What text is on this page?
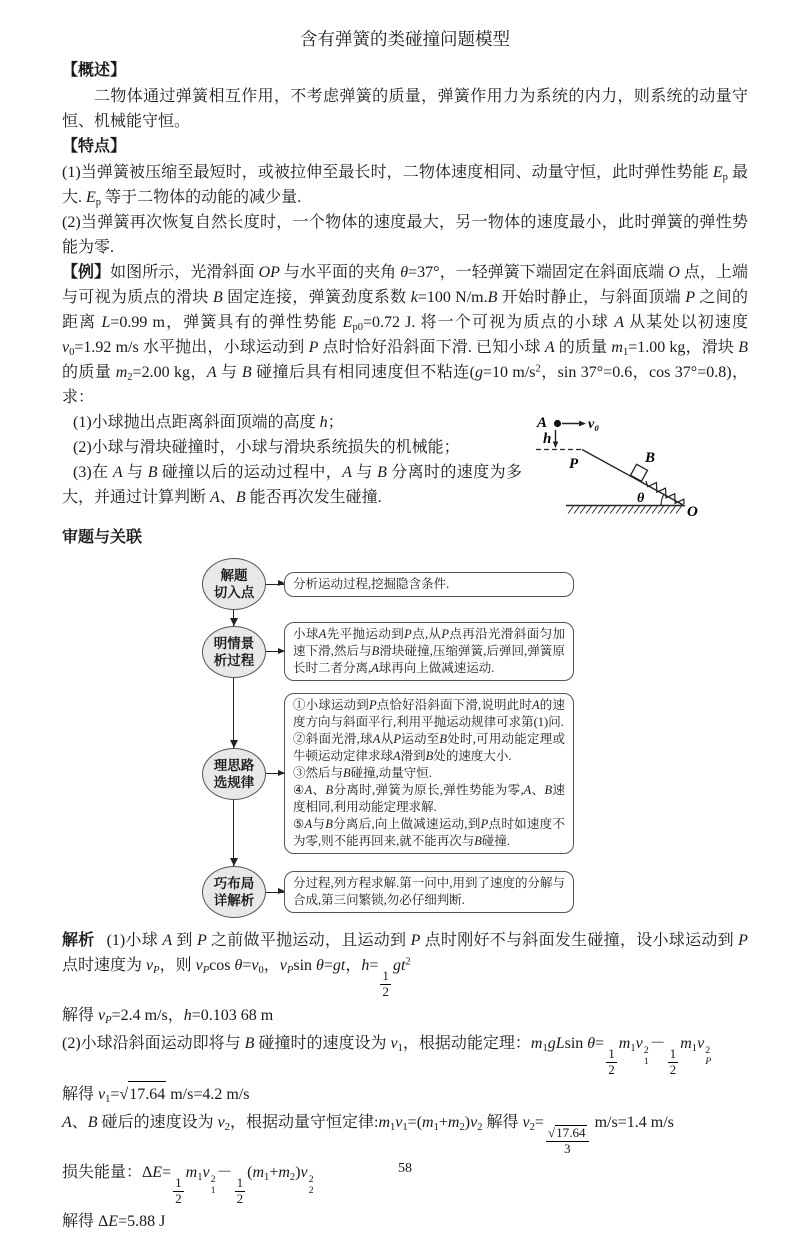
含有弹簧的类碰撞问题模型
【概述】

二物体通过弹簧相互作用，不考虑弹簧的质量，弹簧作用力为系统的内力，则系统的动量守恒、机械能守恒。

【特点】

(1)当弹簧被压缩至最短时，或被拉伸至最长时，二物体速度相同、动量守恒，此时弹性势能 $E_p$ 最大. $E_p$ 等于二物体的动能的减少量.

(2)当弹簧再次恢复自然长度时，一个物体的速度最大，另一物体的速度最小，此时弹簧的弹性势能为零.

【例】如图所示，光滑斜面 OP 与水平面的夹角 θ=37°，一轻弹簧下端固定在斜面底端 O 点，上端与可视为质点的滑块 B 固定连接，弹簧劲度系数 k=100 N/m.B 开始时静止，与斜面顶端 P 之间的距离 L=0.99 m，弹簧具有的弹性势能 $E_{p0}=0.72$ J. 将一个可视为质点的小球 A 从某处以初速度 $v_0=1.92$ m/s 水平抛出，小球运动到 P 点时恰好沿斜面下滑. 已知小球 A 的质量 $m_1=1.00$ kg，滑块 B 的质量 $m_2=2.00$ kg，A 与 B 碰撞后具有相同速度但不粘连(g=10 $m/s^2$，sin 37°=0.6，cos 37°=0.8)，求：

A	v₀
h
P	B
θ
O

(1)小球抛出点距离斜面顶端的高度 h；

(2)小球与滑块碰撞时，小球与滑块系统损失的机械能；

(3)在 A 与 B 碰撞以后的运动过程中，A 与 B 分离时的速度为多大，并通过计算判断 A、B 能否再次发生碰撞.

审题与关联
解题
切入点
分析运动过程,挖掘隐含条件.
明情景
析过程
小球A先平抛运动到P点,从P点再沿光滑斜面匀加速下滑,然后与B滑块碰撞,压缩弹簧,后弹回,弹簧原长时二者分离,A球再向上做减速运动.
理思路
选规律
①小球运动到P点恰好沿斜面下滑,说明此时A的速度方向与斜面平行,利用平抛运动规律可求第(1)问.
②斜面光滑,球A从P运动至B处时,可用动能定理或牛顿运动定律求球A滑到B处的速度大小.
③然后与B碰撞,动量守恒.
④A、B分离时,弹簧为原长,弹性势能为零,A、B速度相同,利用动能定理求解.
⑤A与B分离后,向上做减速运动,到P点时如速度不为零,则不能再回来,就不能再次与B碰撞.
巧布局
详解析
分过程,列方程求解.第一问中,用到了速度的分解与合成,第三问繁锁,勿必仔细判断.

解析 (1)小球 A 到 P 之前做平抛运动，且运动到 P 点时刚好不与斜面发生碰撞，设小球运动到 P 点时速度为 $v_P$，则 $v_P\cos$ $\theta=v_0$，$v_P\sin$ θ=gt，h=
$\frac{1}{2}$
$gt^2$

解得 $v_P=2.4$ m/s，h=0.103 68 m

(2)小球沿斜面运动即将与 B 碰撞时的速度设为 $v_1$，根据动能定理：$m_1gLsin$ θ=
$\frac{1}{2}$
$m_1v$ 2
1
－
$\frac{1}{2}$
$m_1v$ 2
P

解得 $v_1=$ √ 17.64 m/s=4.2 m/s

A、B 碰后的速度设为 $v_2$，根据动量守恒定律$:m_1v_1=(m_1+m_2)v_2$ 解得 $v_2=$
√ $\frac{17.64}{3}$
m/s=1.4 m/s

损失能量：ΔE=
$\frac{1}{2}$
$m_1v$ 2
1
－
$\frac{1}{2}$
$(m_1+m_2)v$ 2
2

解得 ΔE=5.88 J

58
